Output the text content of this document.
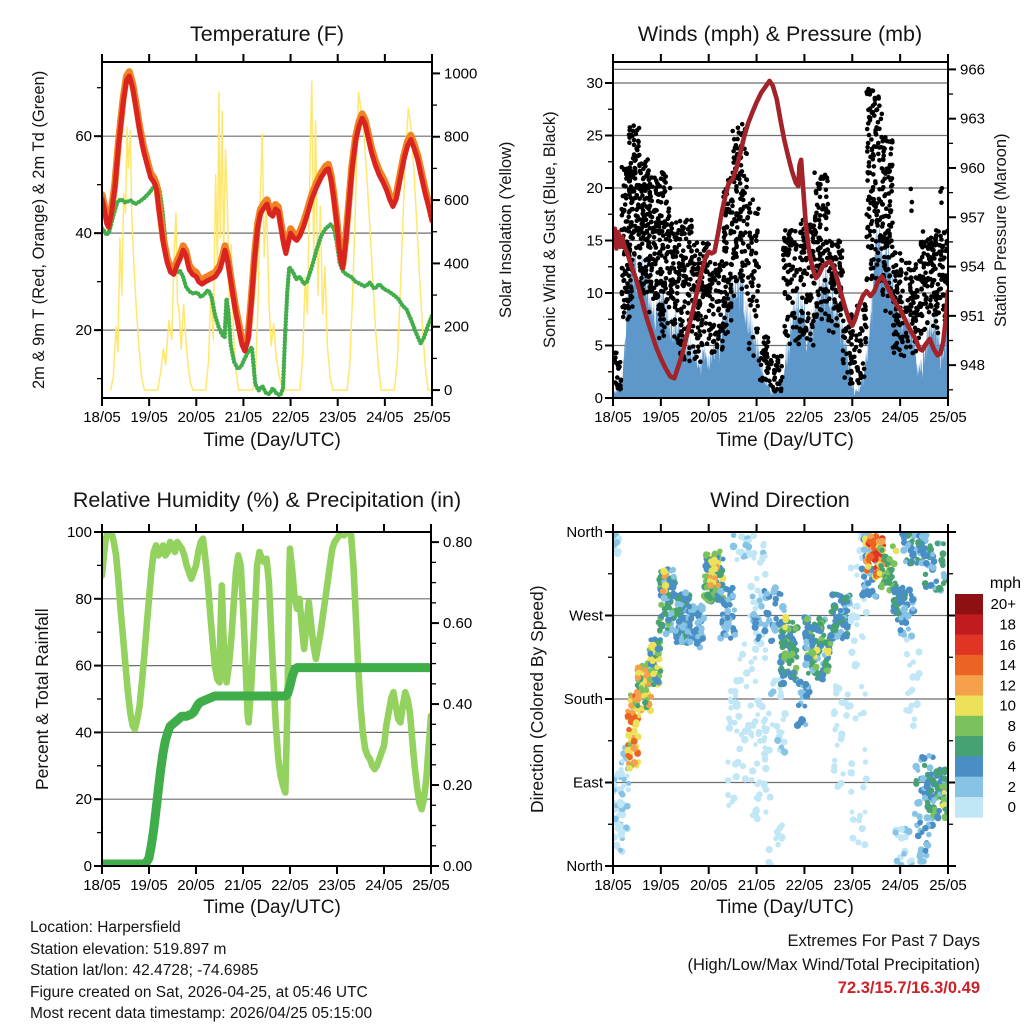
18/05 19/05 20/05 21/05 22/05 23/05 24/05 25/05
20
40
60
0
200
400
600
800
1000
18/05 19/05 20/05 21/05 22/05 23/05 24/05 25/05
0
5
10
15
20
25
30
948
951
954
957
960
963
966
18/05 19/05 20/05 21/05 22/05 23/05 24/05 25/05
0
20
40
60
80
100
0.00
0.20
0.40
0.60
0.80
18/05 19/05 20/05 21/05 22/05 23/05 24/05 25/05
North
East
South
West
North
mph
20+
18
16
14
12
10
8
6
4
2
0
Temperature (F)	Winds (mph) & Pressure (mb)
Relative Humidity (%) & Precipitation (in)	Wind Direction
2m & 9m T (Red, Orange) & 2m Td (Green)	Solar Insolation (Yellow) Sonic Wind & Gust (Blue, Black)	Station Pressure (Maroon)
Percent & Total Rainfall	Direction (Colored By Speed)
Time (Day/UTC)	Time (Day/UTC)
Time (Day/UTC)	Time (Day/UTC)
Location: Harpersfield
Station elevation: 519.897 m
Station lat/lon: 42.4728; -74.6985
Figure created on Sat, 2026-04-25, at 05:46 UTC
Most recent data timestamp: 2026/04/25 05:15:00
Extremes For Past 7 Days
(High/Low/Max Wind/Total Precipitation)
72.3/15.7/16.3/0.49
